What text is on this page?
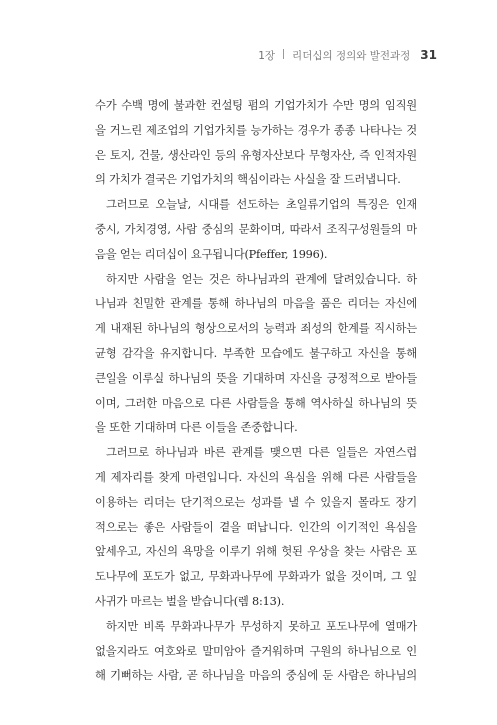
1장 리더십의 정의와 발전과정 31

수가 수백 명에 불과한 컨설팅 펌의 기업가치가 수만 명의 임직원
을 거느린 제조업의 기업가치를 능가하는 경우가 종종 나타나는 것
은 토지, 건물, 생산라인 등의 유형자산보다 무형자산, 즉 인적자원
의 가치가 결국은 기업가치의 핵심이라는 사실을 잘 드러냅니다.

그러므로 오늘날, 시대를 선도하는 초일류기업의 특징은 인재
중시, 가치경영, 사람 중심의 문화이며, 따라서 조직구성원들의 마
음을 얻는 리더십이 요구됩니다(Pfeffer, 1996).

하지만 사람을 얻는 것은 하나님과의 관계에 달려있습니다. 하
나님과 친밀한 관계를 통해 하나님의 마음을 품은 리더는 자신에
게 내재된 하나님의 형상으로서의 능력과 죄성의 한계를 직시하는
균형 감각을 유지합니다. 부족한 모습에도 불구하고 자신을 통해
큰일을 이루실 하나님의 뜻을 기대하며 자신을 긍정적으로 받아들
이며, 그러한 마음으로 다른 사람들을 통해 역사하실 하나님의 뜻
을 또한 기대하며 다른 이들을 존중합니다.

그러므로 하나님과 바른 관계를 맺으면 다른 일들은 자연스럽
게 제자리를 찾게 마련입니다. 자신의 욕심을 위해 다른 사람들을
이용하는 리더는 단기적으로는 성과를 낼 수 있을지 몰라도 장기
적으로는 좋은 사람들이 곁을 떠납니다. 인간의 이기적인 욕심을
앞세우고, 자신의 욕망을 이루기 위해 헛된 우상을 찾는 사람은 포
도나무에 포도가 없고, 무화과나무에 무화과가 없을 것이며, 그 잎
사귀가 마르는 벌을 받습니다(렘 8:13).

하지만 비록 무화과나무가 무성하지 못하고 포도나무에 열매가
없을지라도 여호와로 말미암아 즐거워하며 구원의 하나님으로 인
해 기뻐하는 사람, 곧 하나님을 마음의 중심에 둔 사람은 하나님의
